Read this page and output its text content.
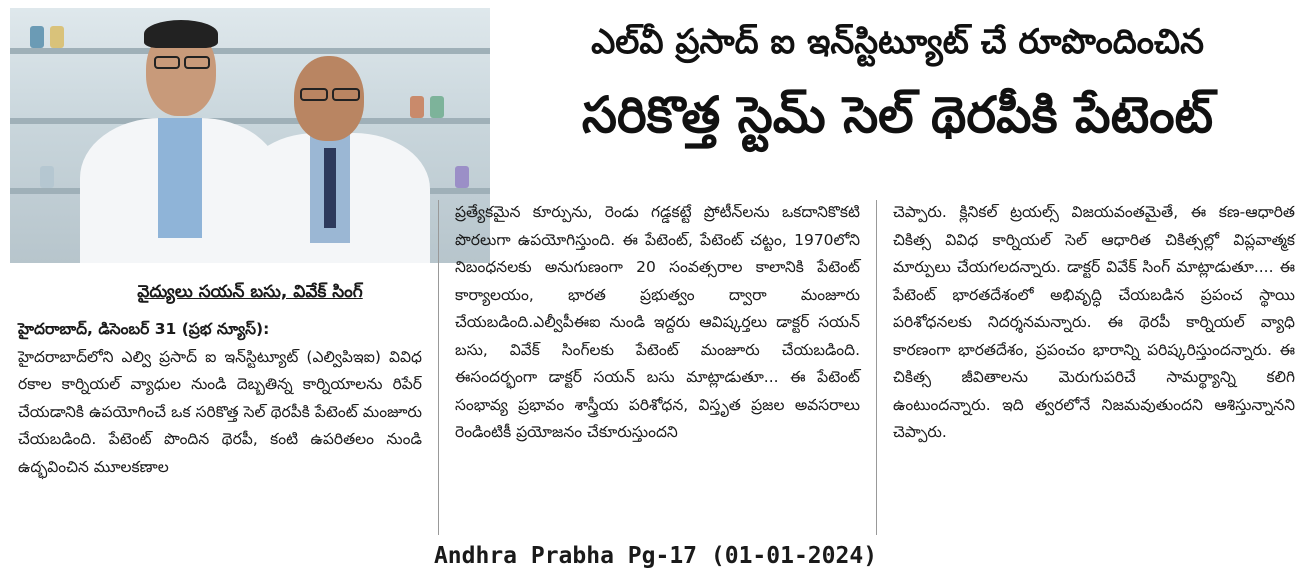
వైద్యులు సయన్ బసు, వివేక్ సింగ్
ఎల్‌వీ ప్రసాద్ ఐ ఇన్‌స్టిట్యూట్ చే రూపొందించిన
సరికొత్త స్టెమ్ సెల్ థెరపీకి పేటెంట్

హైదరాబాద్, డిసెంబర్ 31 (ప్రభ న్యూస్):

హైదరాబాద్‌లోని ఎల్వి ప్రసాద్ ఐ ఇన్‌స్టిట్యూట్ (ఎల్విపిఇఐ) వివిధ రకాల కార్నియల్ వ్యాధుల నుండి దెబ్బతిన్న కార్నియాలను రిపేర్ చేయడానికి ఉపయోగించే ఒక సరికొత్త సెల్ థెరపీకి పేటెంట్ మంజూరు చేయబడింది. పేటెంట్ పొందిన థెరపీ, కంటి ఉపరితలం నుండి ఉద్భవించిన మూలకణాల

ప్రత్యేకమైన కూర్పును, రెండు గడ్డకట్టే ప్రోటీన్‌లను ఒకదానికొకటి పొరలుగా ఉపయోగిస్తుంది. ఈ పేటెంట్, పేటెంట్ చట్టం, 1970లోని నిబంధనలకు అనుగుణంగా 20 సంవత్సరాల కాలానికి పేటెంట్ కార్యాలయం, భారత ప్రభుత్వం ద్వారా మంజూరు చేయబడింది.ఎల్వీపీఈఐ నుండి ఇద్దరు ఆవిష్కర్తలు డాక్టర్ సయన్ బసు, వివేక్ సింగ్‌లకు పేటెంట్ మంజూరు చేయబడింది. ఈసందర్భంగా డాక్టర్ సయన్ బసు మాట్లాడుతూ... ఈ పేటెంట్ సంభావ్య ప్రభావం శాస్త్రీయ పరిశోధన, విస్తృత ప్రజల అవసరాలు రెండింటికీ ప్రయోజనం చేకూరుస్తుందని

చెప్పారు. క్లినికల్ ట్రయల్స్ విజయవంతమైతే, ఈ కణ-ఆధారిత చికిత్స వివిధ కార్నియల్ సెల్ ఆధారిత చికిత్సల్లో విప్లవాత్మక మార్పులు చేయగలదన్నారు. డాక్టర్ వివేక్ సింగ్ మాట్లాడుతూ.... ఈ పేటెంట్ భారతదేశంలో అభివృద్ధి చేయబడిన ప్రపంచ స్థాయి పరిశోధనలకు నిదర్శనమన్నారు. ఈ థెరపీ కార్నియల్ వ్యాధి కారణంగా భారతదేశం, ప్రపంచం భారాన్ని పరిష్కరిస్తుందన్నారు. ఈ చికిత్స జీవితాలను మెరుగుపరిచే సామర్థ్యాన్ని కలిగి ఉంటుందన్నారు. ఇది త్వరలోనే నిజమవుతుందని ఆశిస్తున్నానని చెప్పారు.

Andhra Prabha Pg-17 (01-01-2024)
